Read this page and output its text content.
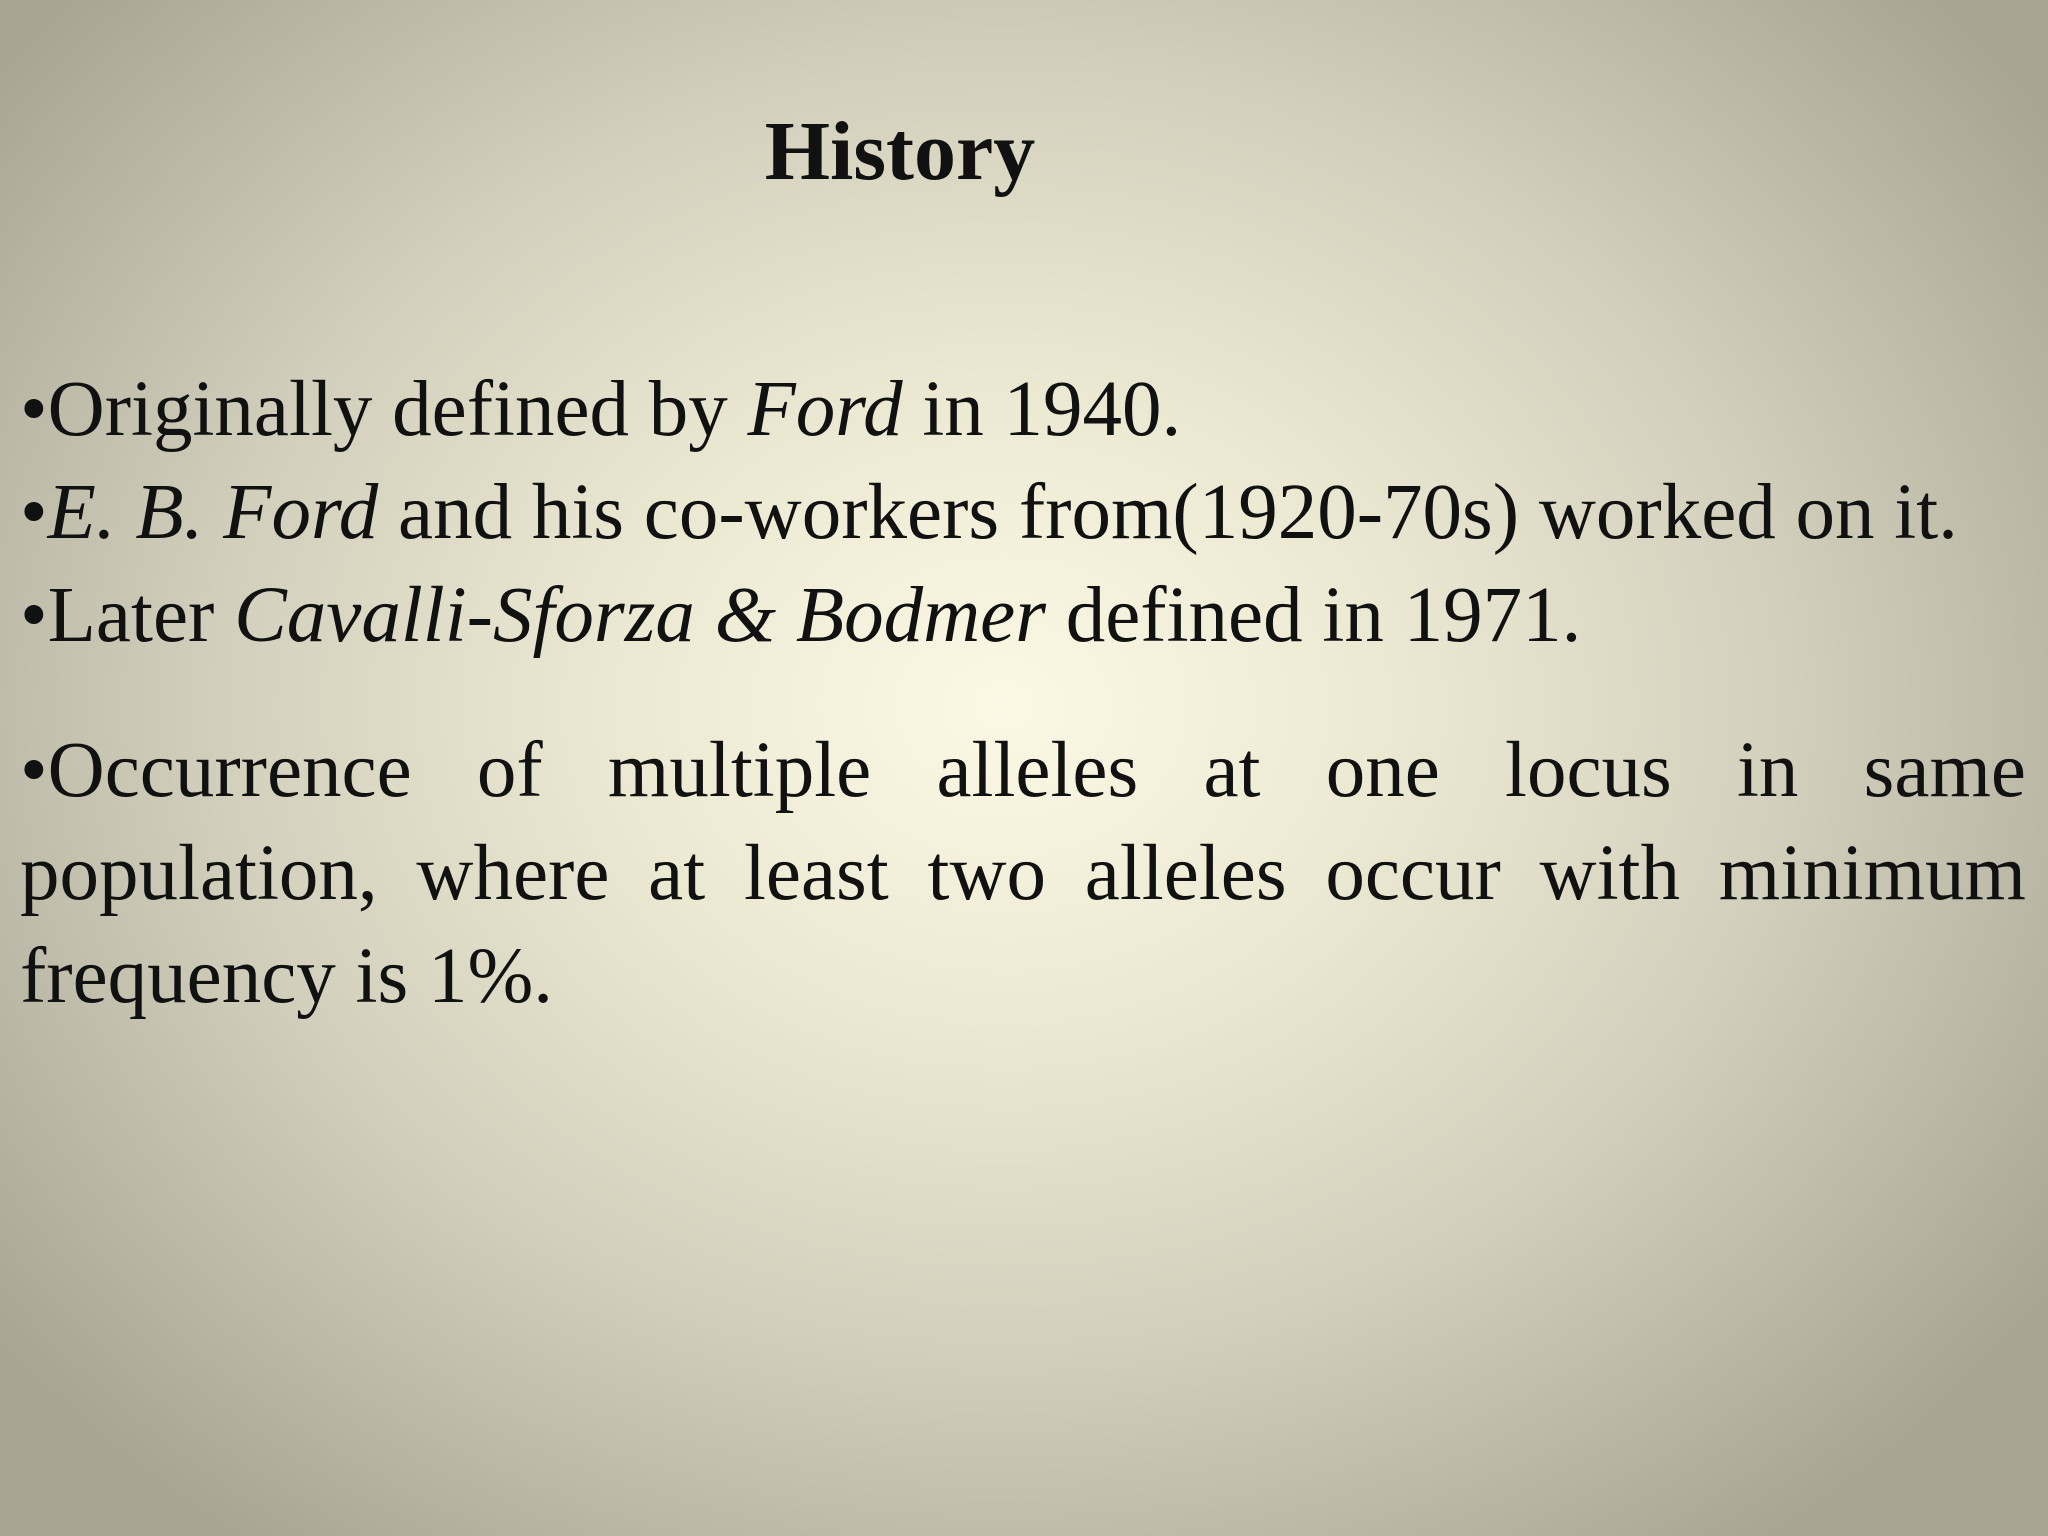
History

•Originally defined by Ford in 1940.

•E. B. Ford and his co-workers from(1920-70s) worked on it.

•Later Cavalli-Sforza & Bodmer defined in 1971.

•Occurrence of multiple alleles at one locus in same population, where at least two alleles occur with minimum frequency is 1%.
